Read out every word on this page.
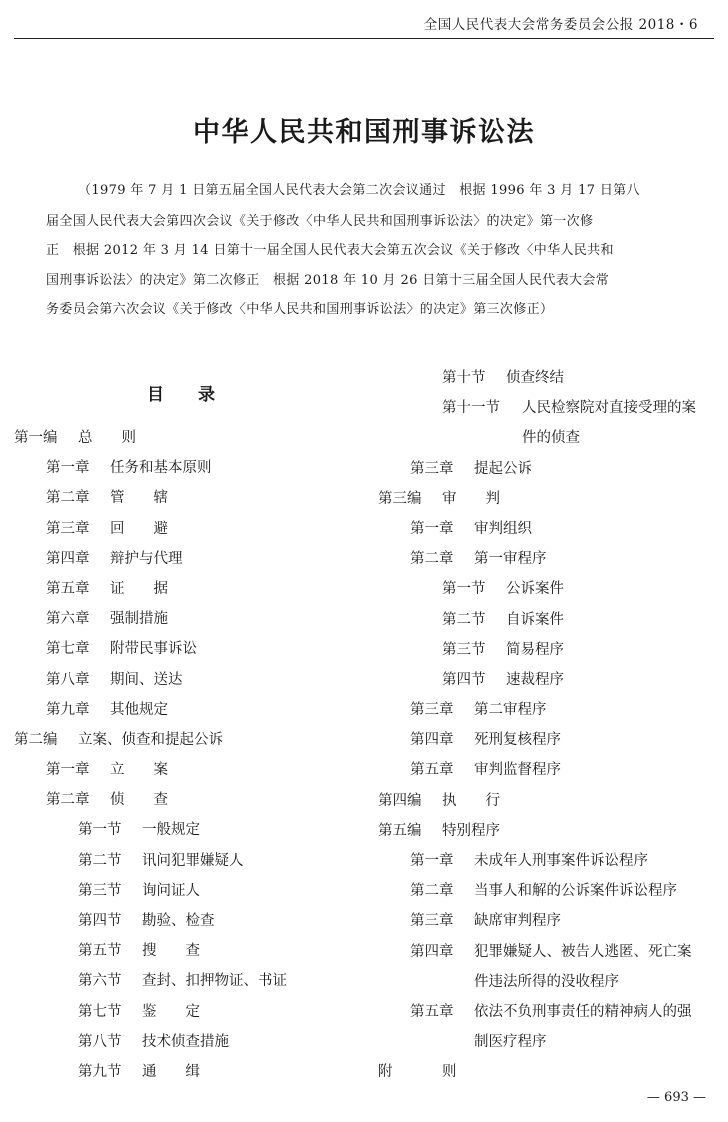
全国人民代表大会常务委员会公报 2018・6
中华人民共和国刑事诉讼法
（1979 年 7 月 1 日第五届全国人民代表大会第二次会议通过　根据 1996 年 3 月 17 日第八
届全国人民代表大会第四次会议《关于修改〈中华人民共和国刑事诉讼法〉的决定》第一次修
正　根据 2012 年 3 月 14 日第十一届全国人民代表大会第五次会议《关于修改〈中华人民共和
国刑事诉讼法〉的决定》第二次修正　根据 2018 年 10 月 26 日第十三届全国人民代表大会常
务委员会第六次会议《关于修改〈中华人民共和国刑事诉讼法〉的决定》第三次修正）
目　　录
第一编 总　　则
第一章 任务和基本原则
第二章 管　　辖
第三章 回　　避
第四章 辩护与代理
第五章 证　　据
第六章 强制措施
第七章 附带民事诉讼
第八章 期间、送达
第九章 其他规定
第二编 立案、侦查和提起公诉
第一章 立　　案
第二章 侦　　查
第一节 一般规定
第二节 讯问犯罪嫌疑人
第三节 询问证人
第四节 勘验、检查
第五节 搜　　查
第六节 查封、扣押物证、书证
第七节 鉴　　定
第八节 技术侦查措施
第九节 通　　缉
第十节 侦查终结
第十一节 人民检察院对直接受理的案
件的侦查
第三章 提起公诉
第三编 审　　判
第一章 审判组织
第二章 第一审程序
第一节 公诉案件
第二节 自诉案件
第三节 简易程序
第四节 速裁程序
第三章 第二审程序
第四章 死刑复核程序
第五章 审判监督程序
第四编 执　　行
第五编 特别程序
第一章 未成年人刑事案件诉讼程序
第二章 当事人和解的公诉案件诉讼程序
第三章 缺席审判程序
第四章 犯罪嫌疑人、被告人逃匿、死亡案
件违法所得的没收程序
第五章 依法不负刑事责任的精神病人的强
制医疗程序
附	则
— 693 —
